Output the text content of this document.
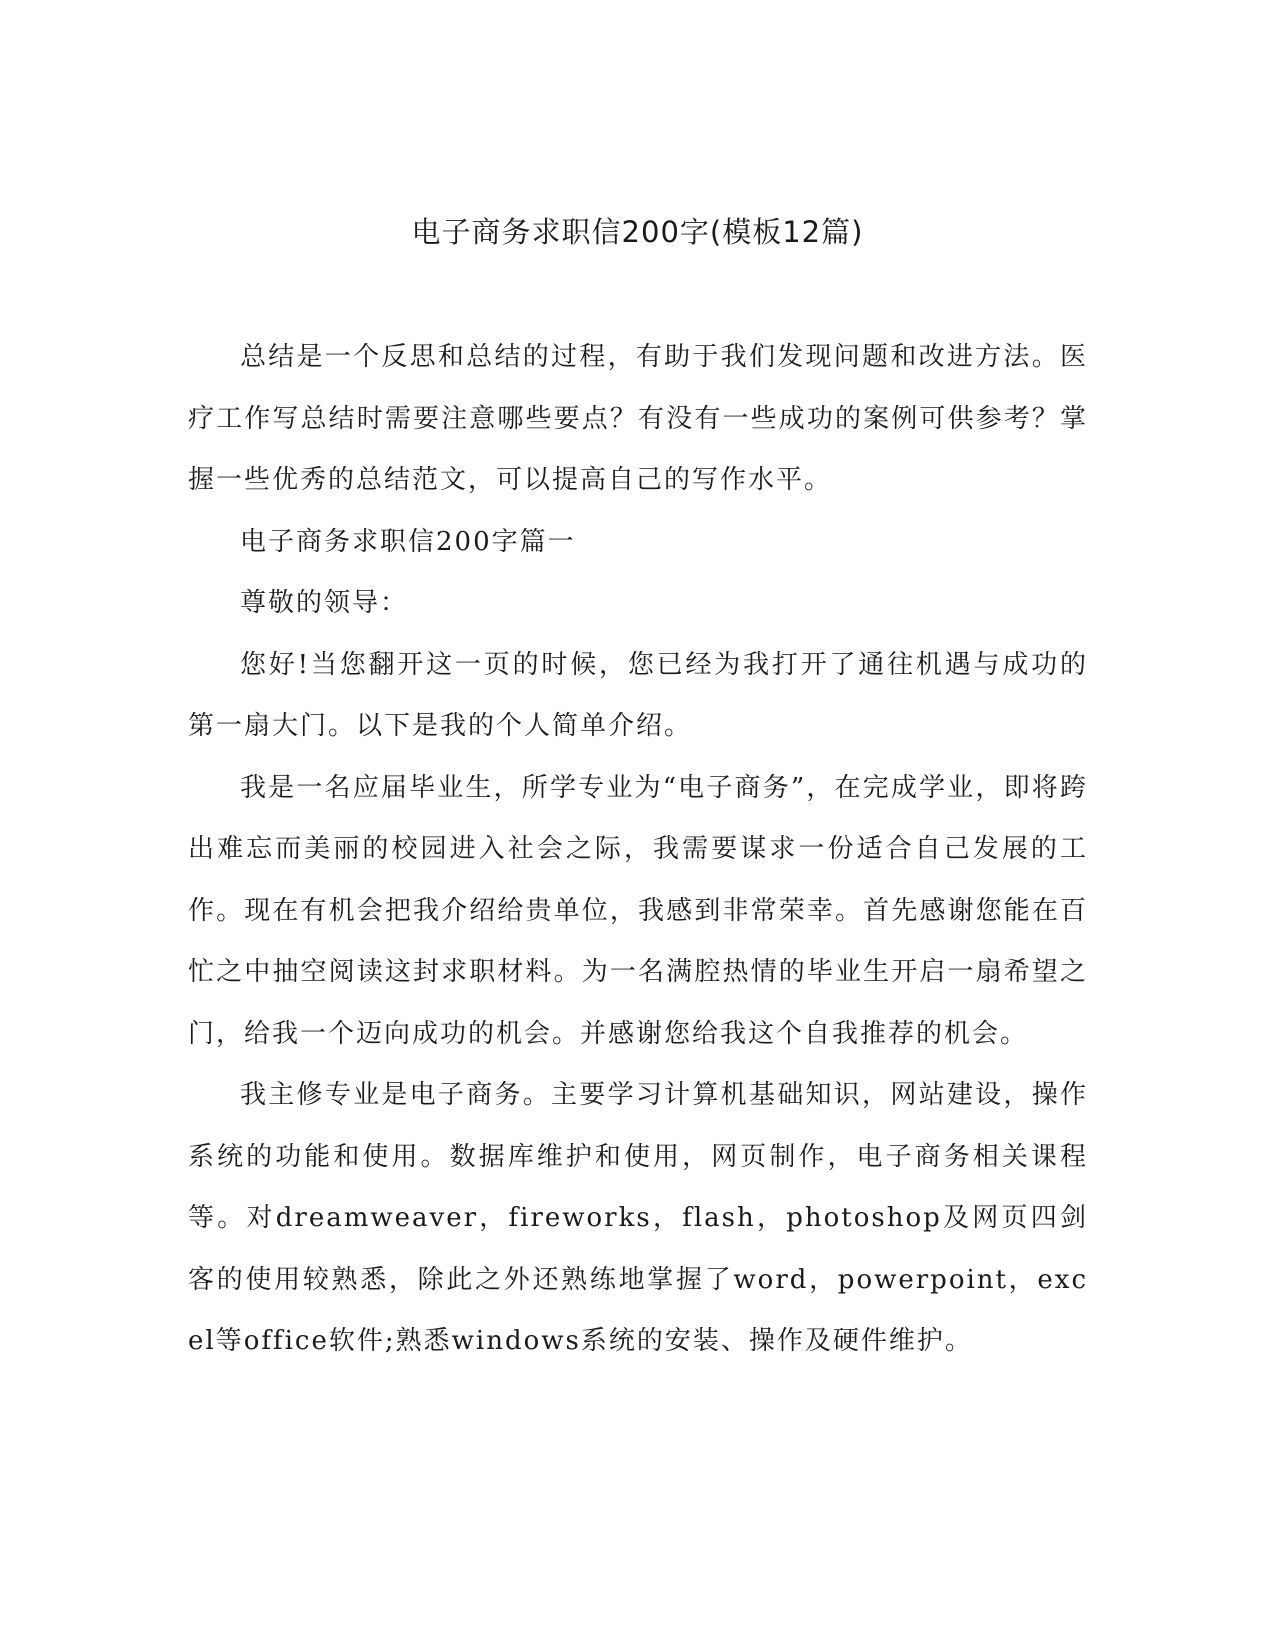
电子商务求职信200字(模板12篇)

总结是一个反思和总结的过程，有助于我们发现问题和改进方法。医疗工作写总结时需要注意哪些要点？有没有一些成功的案例可供参考？掌握一些优秀的总结范文，可以提高自己的写作水平。

电子商务求职信200字篇一

尊敬的领导：

您好!当您翻开这一页的时候，您已经为我打开了通往机遇与成功的第一扇大门。以下是我的个人简单介绍。

我是一名应届毕业生，所学专业为“电子商务”，在完成学业，即将跨出难忘而美丽的校园进入社会之际，我需要谋求一份适合自己发展的工作。现在有机会把我介绍给贵单位，我感到非常荣幸。首先感谢您能在百忙之中抽空阅读这封求职材料。为一名满腔热情的毕业生开启一扇希望之门，给我一个迈向成功的机会。并感谢您给我这个自我推荐的机会。

我主修专业是电子商务。主要学习计算机基础知识，网站建设，操作系统的功能和使用。数据库维护和使用，网页制作，电子商务相关课程等。对dreamweaver，fireworks，flash，photoshop及网页四剑客的使用较熟悉，除此之外还熟练地掌握了word，powerpoint，excel等office软件;熟悉windows系统的安装、操作及硬件维护。
